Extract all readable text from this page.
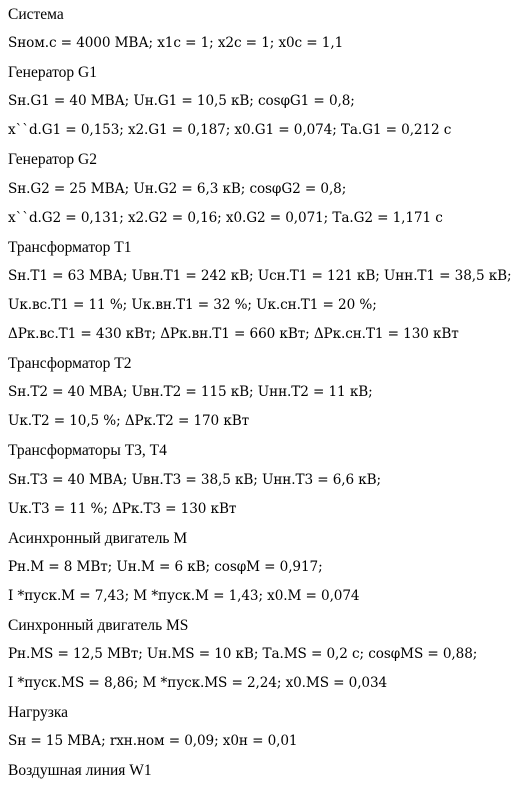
Система
Sном.с = 4000 МВА; x1с = 1; x2с = 1; x0с = 1,1
Генератор G1
Sн.G1 = 40 МВА; Uн.G1 = 10,5 кВ; cosφG1 = 0,8;
x``d.G1 = 0,153; x2.G1 = 0,187; x0.G1 = 0,074; Tа.G1 = 0,212 с
Генератор G2
Sн.G2 = 25 МВА; Uн.G2 = 6,3 кВ; cosφG2 = 0,8;
x``d.G2 = 0,131; x2.G2 = 0,16; x0.G2 = 0,071; Tа.G2 = 1,171 с
Трансформатор Т1
Sн.Т1 = 63 МВА; Uвн.Т1 = 242 кВ; Uсн.Т1 = 121 кВ; Uнн.Т1 = 38,5 кВ;
Uк.вс.Т1 = 11 %; Uк.вн.Т1 = 32 %; Uк.сн.Т1 = 20 %;
ΔPк.вс.Т1 = 430 кВт; ΔPк.вн.Т1 = 660 кВт; ΔPк.сн.Т1 = 130 кВт
Трансформатор Т2
Sн.Т2 = 40 МВА; Uвн.Т2 = 115 кВ; Uнн.Т2 = 11 кВ;
Uк.Т2 = 10,5 %; ΔPк.Т2 = 170 кВт
Трансформаторы Т3, Т4
Sн.Т3 = 40 МВА; Uвн.Т3 = 38,5 кВ; Uнн.Т3 = 6,6 кВ;
Uк.Т3 = 11 %; ΔPк.Т3 = 130 кВт
Асинхронный двигатель М
Pн.M = 8 МВт; Uн.M = 6 кВ; cosφM = 0,917;
I *пуск.M = 7,43; M *пуск.M = 1,43; x0.M = 0,074
Синхронный двигатель MS
Pн.MS = 12,5 МВт; Uн.MS = 10 кВ; Tа.MS = 0,2 с; cosφMS = 0,88;
I *пуск.MS = 8,86; M *пуск.MS = 2,24; x0.MS = 0,034
Нагрузка
Sн = 15 МВА; rхн.ном = 0,09; x0н = 0,01
Воздушная линия W1
